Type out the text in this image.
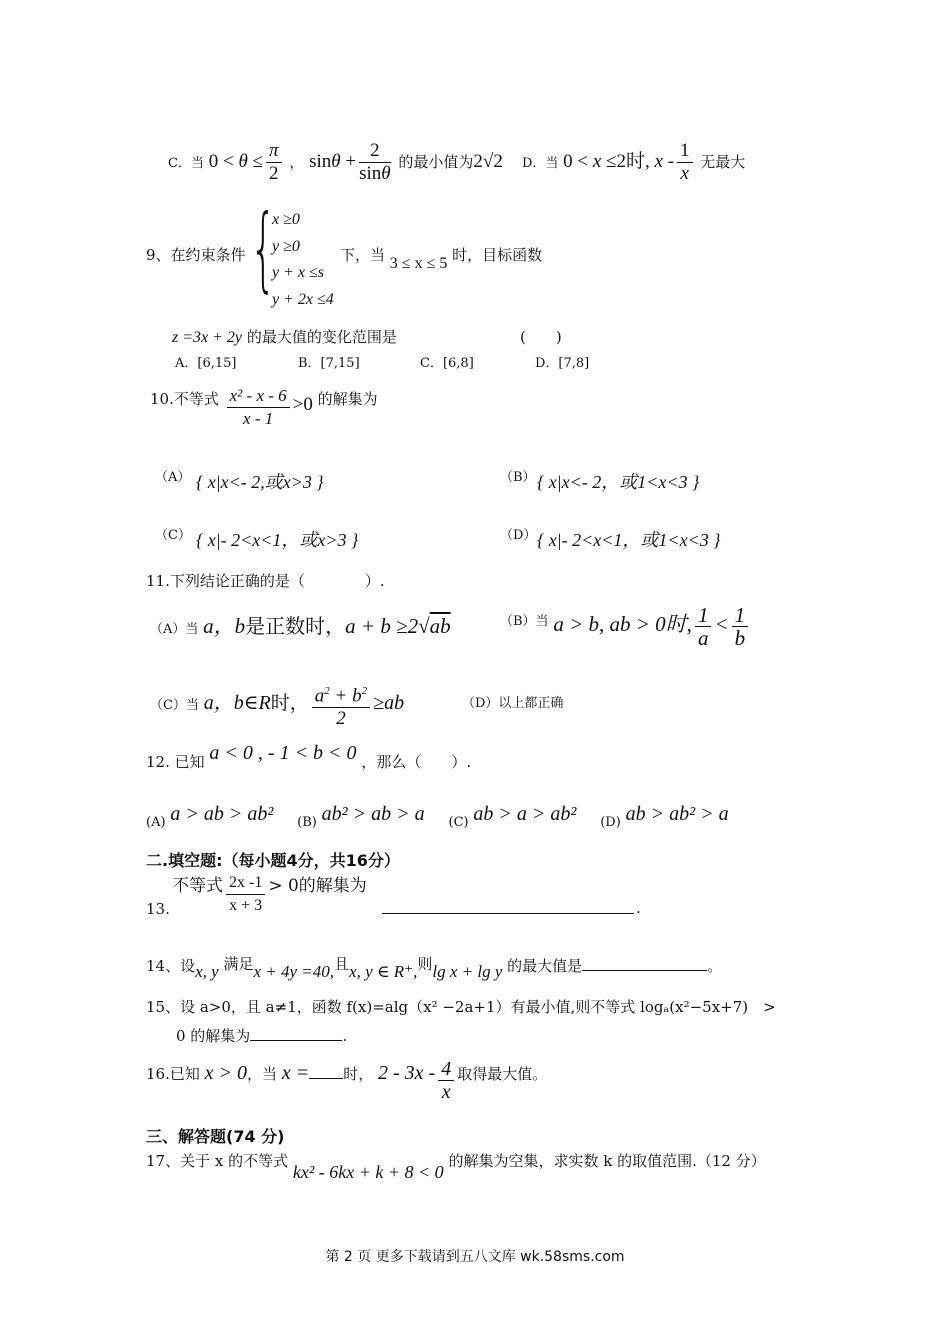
C．当 $0 < \theta \le \frac{\pi}{2}$ ， $\sin\theta + \frac{2}{\sin\theta}$ 的最小值为2√2 D．当 0 < x ≤2时, x - $\frac{1}{x}$ 无最大
9、在约束条件 {
x ≥0
y ≥0
y + x ≤s
y + 2x ≤4
下，当 3 ≤ x ≤ 5 时，目标函数
z =3x + 2y 的最大值的变化范围是	(　　)
A．[6,15]	B．[7,15]	C．[6,8]	D．[7,8]
10.不等式 $\frac{\text{x² - x - 6}}{x - 1} >0$ 的解集为
（A） { x|x<- 2,或x>3 }	（B） { x|x<- 2，或1<x<3 }
（C） { x|- 2<x<1，或x>3 }	（D） { x|- 2<x<1，或1<x<3 }
11.下列结论正确的是（　　　　）.
（A）当 a，b是正数时，a + b ≥2√ab	（B）当 a > b, ab > 0时, $\frac{1}{a} < \frac{1}{b}$
（C）当 a，b∈R时， $\frac{a^2 + b^2}{2} \ge ab$	（D）以上都正确
12. 已知 a < 0 , - 1 < b < 0 ，那么（　　）.
(A) a > ab > ab² (B) ab² > ab > a (C) ab > a > ab² (D) ab > ab² > a
二.填空题:（每小题4分，共16分）
13.
不等式 $\frac{2x -1}{x + 3} > 0$的解集为
.
14、设x, y 满足x + 4y =40,且x, y ∈ R⁺,则lg x + lg y 的最大值是	。
15、设 a>0，且 a≠1，函数 f(x)=alg（x² −2a+1）有最小值,则不等式 logₐ(x²−5x+7)　>
0 的解集为	.
16.已知 x > 0，当 x = 时， $2 - 3x - \frac{4}{x}$ 取得最大值。
三、解答题(74 分)
17、关于 x 的不等式 kx² - 6kx + k + 8 < 0 的解集为空集，求实数 k 的取值范围.（12 分）
第 2 页 更多下载请到五八文库 wk.58sms.com
